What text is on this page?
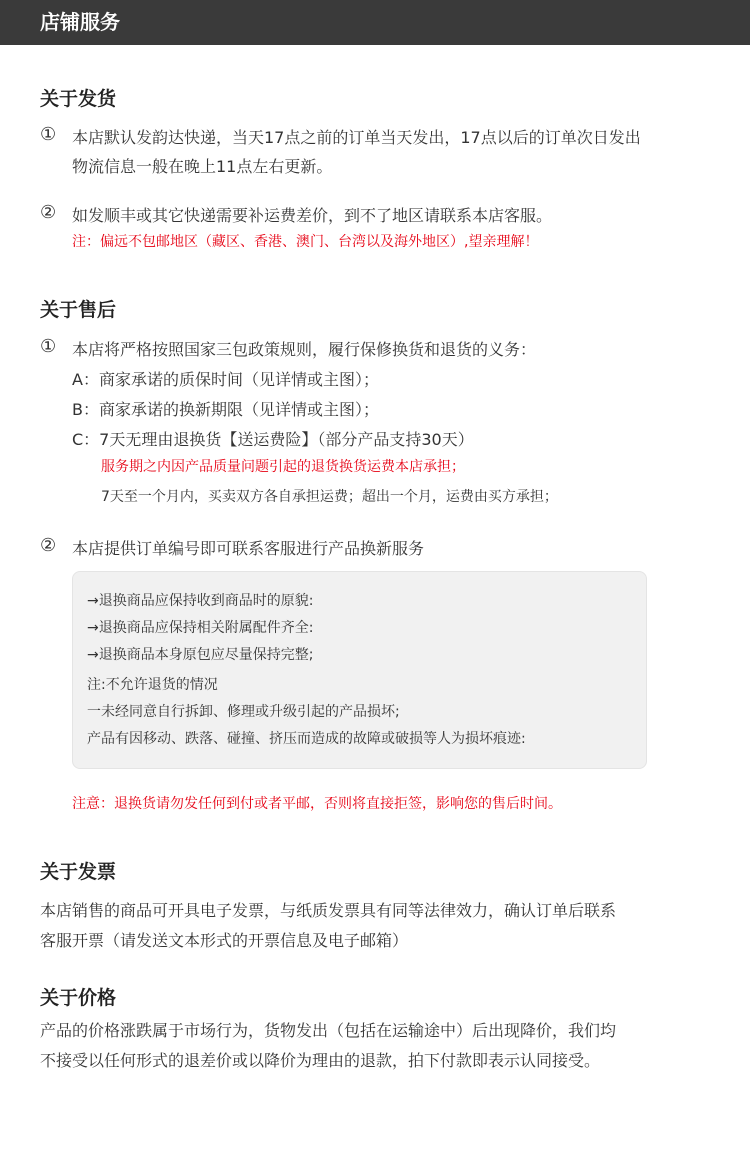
店铺服务
关于发货
① 本店默认发韵达快递，当天17点之前的订单当天发出，17点以后的订单次日发出
物流信息一般在晚上11点左右更新。
② 如发顺丰或其它快递需要补运费差价，到不了地区请联系本店客服。
注：偏远不包邮地区（藏区、香港、澳门、台湾以及海外地区）,望亲理解！
关于售后
① 本店将严格按照国家三包政策规则，履行保修换货和退货的义务：
A：商家承诺的质保时间（见详情或主图）；
B：商家承诺的换新期限（见详情或主图）；
C：7天无理由退换货【送运费险】（部分产品支持30天）
服务期之内因产品质量问题引起的退货换货运费本店承担；
7天至一个月内，买卖双方各自承担运费；超出一个月，运费由买方承担；
② 本店提供订单编号即可联系客服进行产品换新服务
→退换商品应保持收到商品时的原貌:
→退换商品应保持相关附属配件齐全:
→退换商品本身原包应尽量保持完整;
注:不允许退货的情况
一未经同意自行拆卸、修理或升级引起的产品损坏;
产品有因移动、跌落、碰撞、挤压而造成的故障或破损等人为损坏痕迹:
注意：退换货请勿发任何到付或者平邮，否则将直接拒签，影响您的售后时间。
关于发票
本店销售的商品可开具电子发票，与纸质发票具有同等法律效力，确认订单后联系
客服开票（请发送文本形式的开票信息及电子邮箱）
关于价格
产品的价格涨跌属于市场行为，货物发出（包括在运输途中）后出现降价，我们均
不接受以任何形式的退差价或以降价为理由的退款，拍下付款即表示认同接受。
